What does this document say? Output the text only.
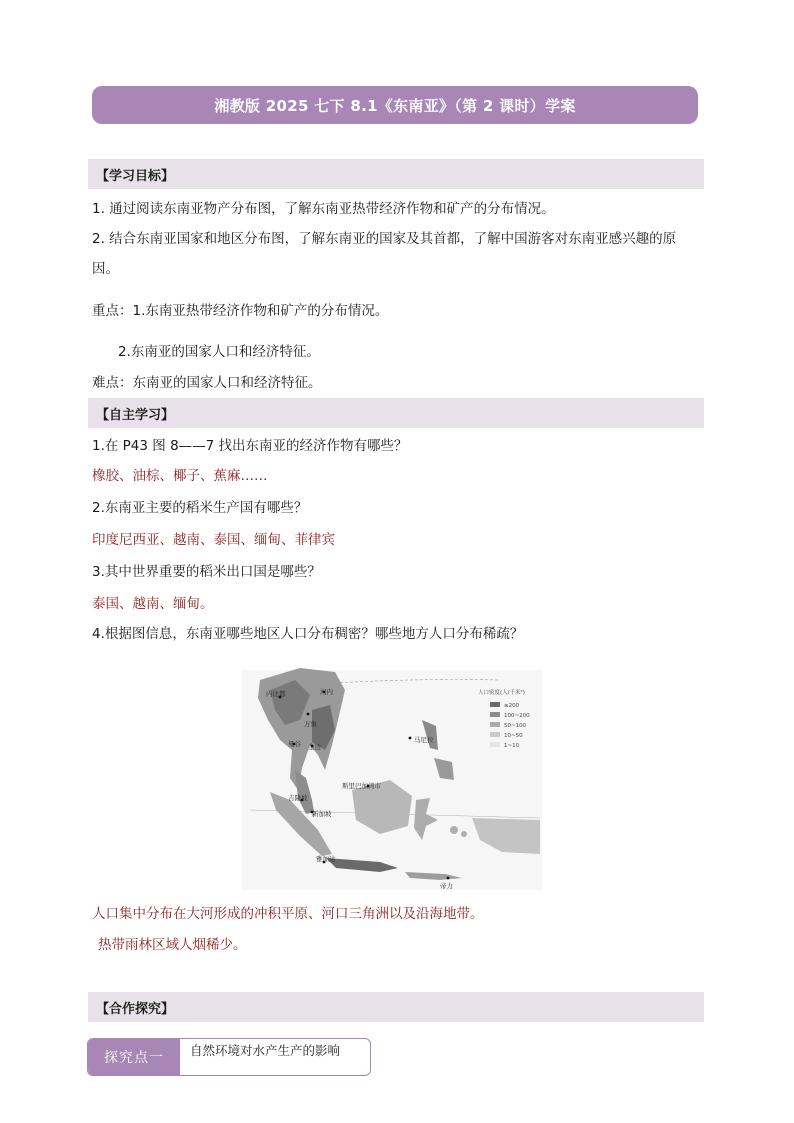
湘教版 2025 七下 8.1《东南亚》（第 2 课时）学案
【学习目标】
1. 通过阅读东南亚物产分布图，了解东南亚热带经济作物和矿产的分布情况。
2. 结合东南亚国家和地区分布图，了解东南亚的国家及其首都，了解中国游客对东南亚感兴趣的原
因。
重点：1.东南亚热带经济作物和矿产的分布情况。
2.东南亚的国家人口和经济特征。
难点：东南亚的国家人口和经济特征。
【自主学习】
1.在 P43 图 8——7 找出东南亚的经济作物有哪些？
橡胶、油棕、椰子、蕉麻……
2.东南亚主要的稻米生产国有哪些？
印度尼西亚、越南、泰国、缅甸、菲律宾
3.其中世界重要的稻米出口国是哪些？
泰国、越南、缅甸。
4.根据图信息，东南亚哪些地区人口分布稠密？哪些地方人口分布稀疏？
内比都	河内
万象
曼谷 金边
马尼拉
斯里巴加湾市
吉隆坡
新加坡
雅加达
帝力
人口密度(人/千米²)
≥200
100~200
50~100
10~50
1~10
人口集中分布在大河形成的冲积平原、河口三角洲以及沿海地带。
热带雨林区域人烟稀少。
【合作探究】
探究点一	自然环境对水产生产的影响
